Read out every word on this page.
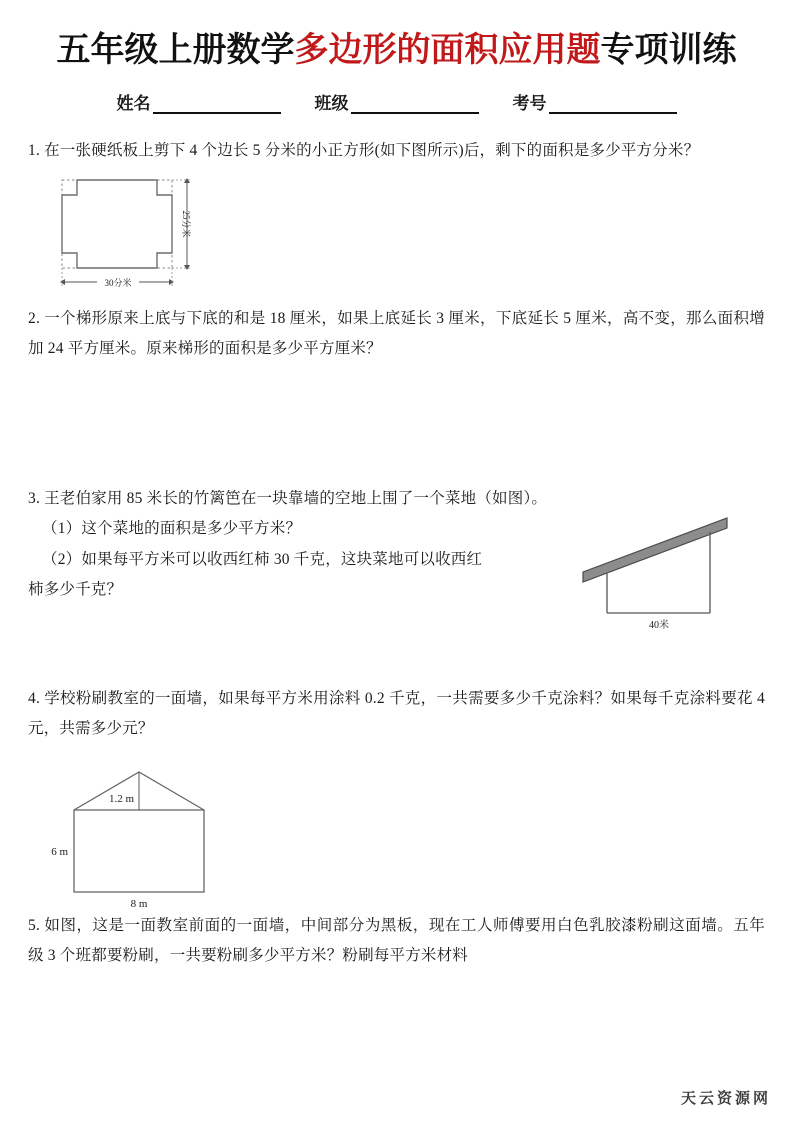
五年级上册数学多边形的面积应用题专项训练
姓名	班级	考号
1. 在一张硬纸板上剪下 4 个边长 5 分米的小正方形(如下图所示)后，剩下的面积是多少平方分米？
25分米
30分米
2. 一个梯形原来上底与下底的和是 18 厘米，如果上底延长 3 厘米，下底延长 5 厘米，高不变，那么面积增加 24 平方厘米。原来梯形的面积是多少平方厘米？
3. 王老伯家用 85 米长的竹篱笆在一块靠墙的空地上围了一个菜地（如图）。
（1）这个菜地的面积是多少平方米？
（2）如果每平方米可以收西红柿 30 千克，这块菜地可以收西红
柿多少千克？
40米
4. 学校粉刷教室的一面墙，如果每平方米用涂料 0.2 千克，一共需要多少千克涂料？如果每千克涂料要花 4 元，共需多少元？
1.2 m
6 m
8 m
5. 如图，这是一面教室前面的一面墙，中间部分为黑板，现在工人师傅要用白色乳胶漆粉刷这面墙。五年级 3 个班都要粉刷，一共要粉刷多少平方米？粉刷每平方米材料
天云资源网
